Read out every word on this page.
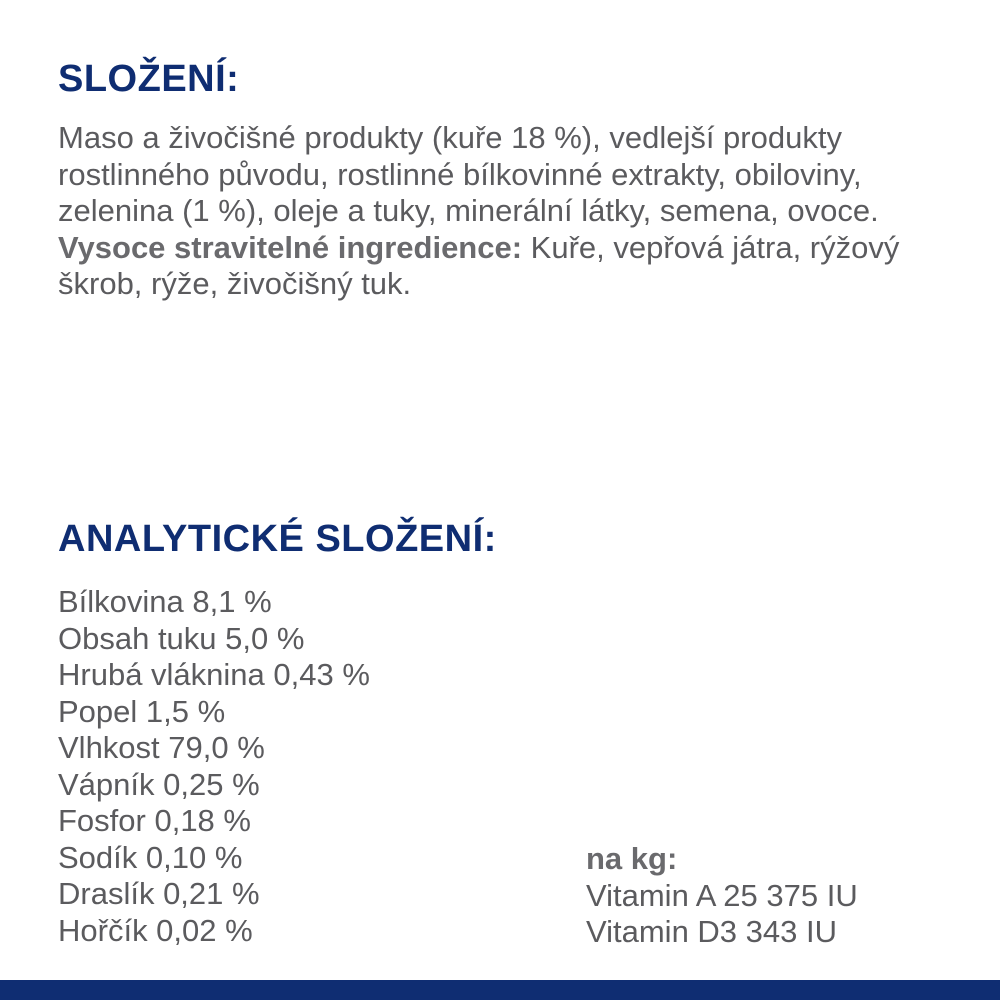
SLOŽENÍ:

Maso a živočišné produkty (kuře 18 %), vedlejší produkty rostlinného původu, rostlinné bílkovinné extrakty, obiloviny, zelenina (1 %), oleje a tuky, minerální látky, semena, ovoce.
Vysoce stravitelné ingredience: Kuře, vepřová játra, rýžový škrob, rýže, živočišný tuk.

ANALYTICKÉ SLOŽENÍ:
Bílkovina 8,1 %
Obsah tuku 5,0 %
Hrubá vláknina 0,43 %
Popel 1,5 %
Vlhkost 79,0 %
Vápník 0,25 %
Fosfor 0,18 %
Sodík 0,10 %
Draslík 0,21 %
Hořčík 0,02 %
na kg:
Vitamin A 25 375 IU
Vitamin D3 343 IU
